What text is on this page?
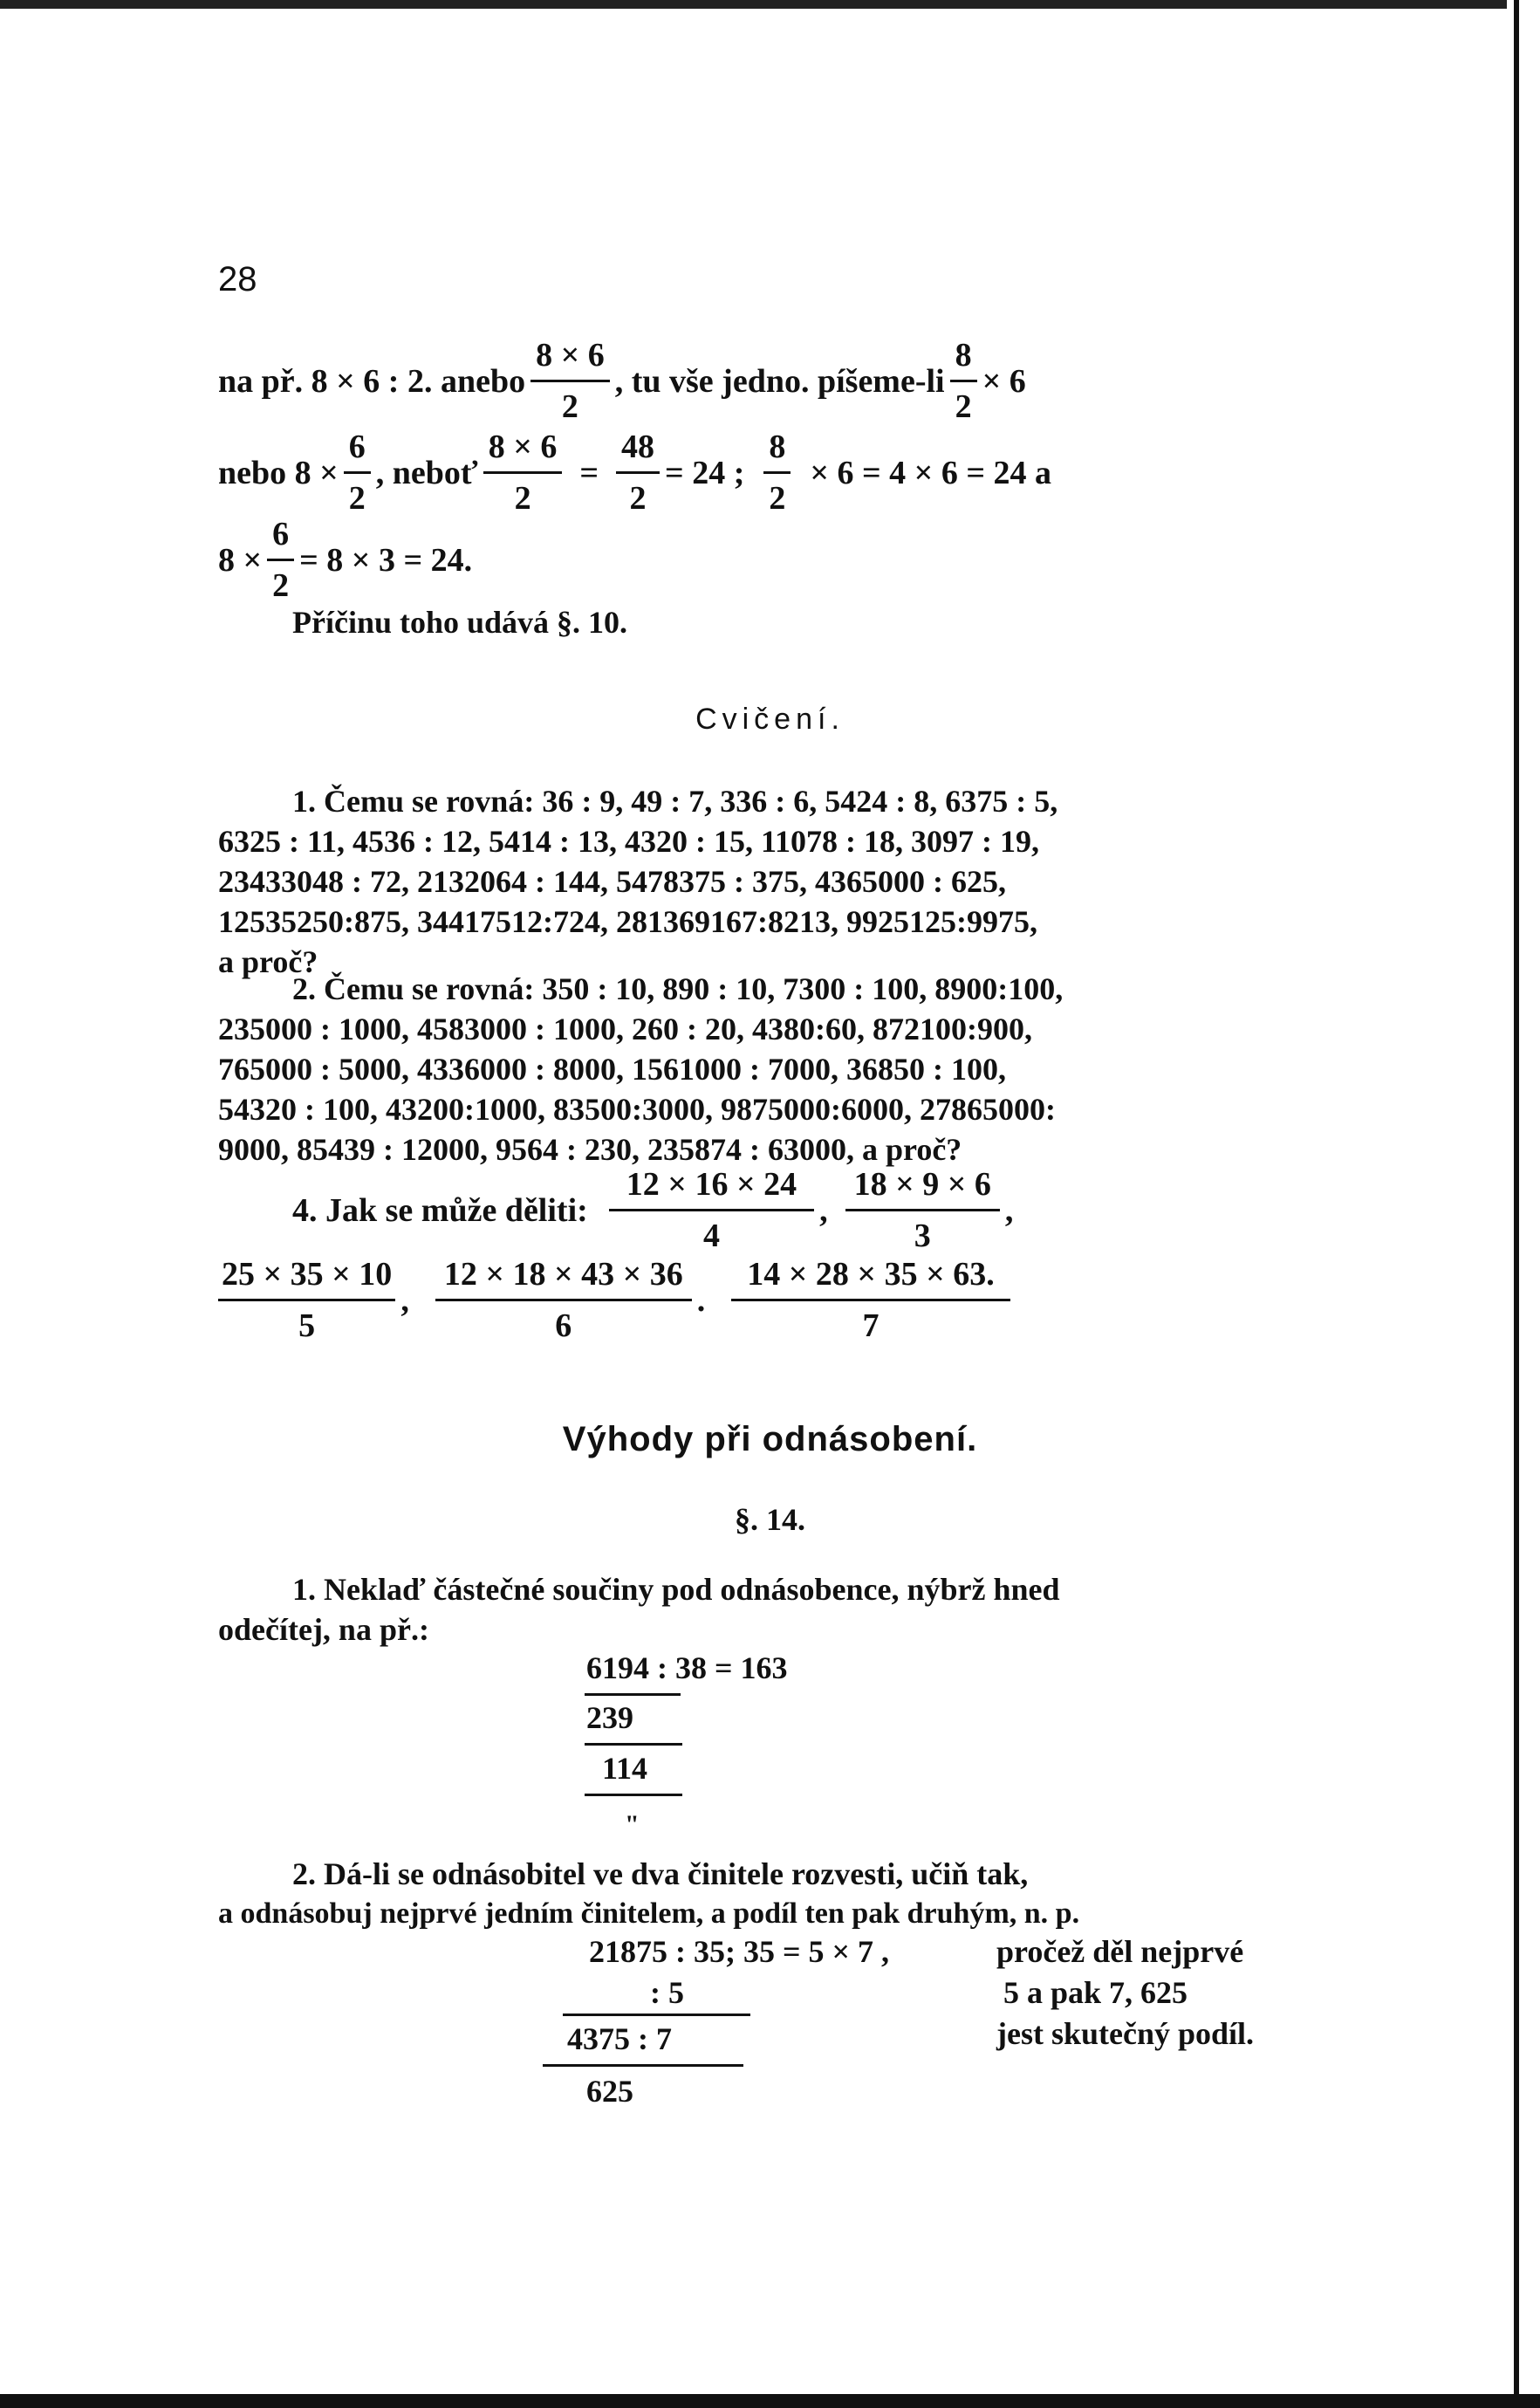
28
na př. 8 × 6 : 2. anebo $\frac{8 \times 6}{2}$ , tu vše jedno. píšeme-li $\frac{8}{2} \times 6$
nebo $8 \times \frac{6}{2}$ , neboť $\frac{8 \times 6}{2} = \frac{48}{2} = 24$ ; $\frac{8}{2} \times 6 = 4 \times 6 = 24$ a
$8 \times \frac{6}{2} = 8 \times 3 = 24$.
Příčinu toho udává §. 10.
Cvičení.
1. Čemu se rovná: 36 : 9, 49 : 7, 336 : 6, 5424 : 8, 6375 : 5,
6325 : 11, 4536 : 12, 5414 : 13, 4320 : 15, 11078 : 18, 3097 : 19,
23433048 : 72, 2132064 : 144, 5478375 : 375, 4365000 : 625,
12535250:875, 34417512:724, 281369167:8213, 9925125:9975,
a proč?
2. Čemu se rovná: 350 : 10, 890 : 10, 7300 : 100, 8900:100,
235000 : 1000, 4583000 : 1000, 260 : 20, 4380:60, 872100:900,
765000 : 5000, 4336000 : 8000, 1561000 : 7000, 36850 : 100,
54320 : 100, 43200:1000, 83500:3000, 9875000:6000, 27865000:
9000, 85439 : 12000, 9564 : 230, 235874 : 63000, a proč?
4. Jak se může děliti: $\frac{12 \times 16 \times 24}{4}$ , $\frac{18 \times 9 \times 6}{3}$ ,
$\frac{25 \times 35 \times 10}{5}$ , $\frac{12 \times 18 \times 43 \times 36}{6}$ . $\frac{14 \times 28 \times 35 \times 63.}{7}$
Výhody při odnásobení.
§. 14.
1. Neklaď částečné součiny pod odnásobence, nýbrž hned
odečítej, na př.:
6194 : 38 = 163
239
114
"
2. Dá-li se odnásobitel ve dva činitele rozvesti, učiň tak,
a odnásobuj nejprvé jedním činitelem, a podíl ten pak druhým, n. p.
21875 : 35; 35 = 5 × 7 ,
: 5
4375 : 7
625
pročež děl nejprvé
5 a pak 7, 625
jest skutečný podíl.
